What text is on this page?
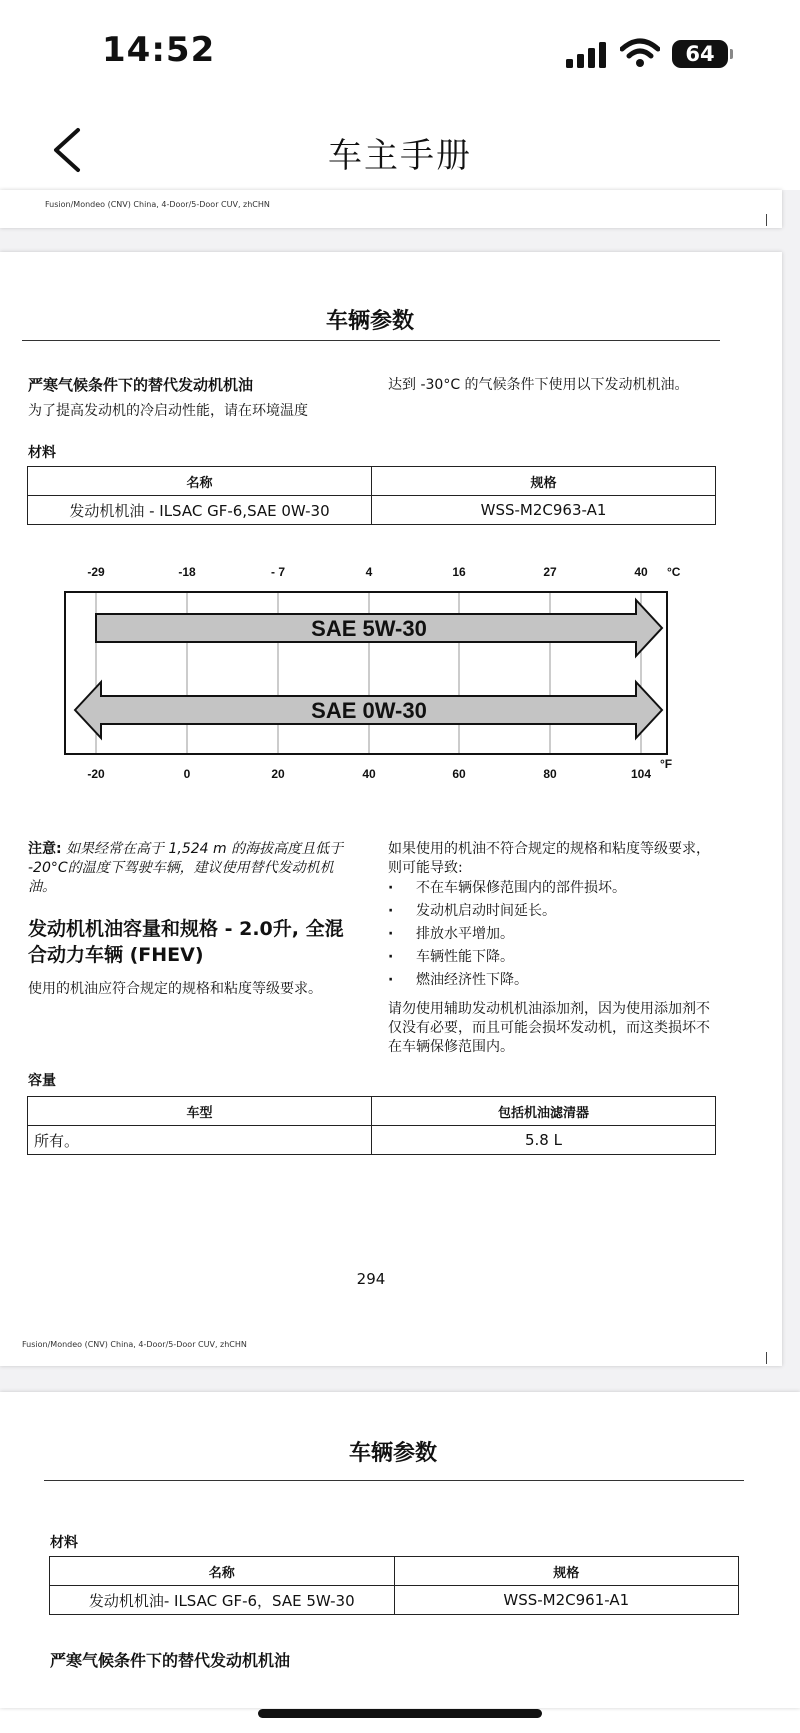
14:52	64
车主手册
Fusion/Mondeo (CNV) China, 4-Door/5-Door CUV, zhCHN
车辆参数
严寒气候条件下的替代发动机机油
为了提高发动机的冷启动性能，请在环境温度
达到 -30°C 的气候条件下使用以下发动机机油。
材料
名称	规格
发动机机油 - ILSAC GF-6,SAE 0W-30	WSS-M2C963-A1
-29	-18	- 7	4	16	27	40 °C
SAE 5W-30
SAE 0W-30
-20	0	20	40	60	80	104
°F
注意: 如果经常在高于 1,524 m 的海拔高度且低于 -20°C的温度下驾驶车辆，建议使用替代发动机机油。
发动机机油容量和规格 - 2.0升, 全混合动力车辆 (FHEV)
使用的机油应符合规定的规格和粘度等级要求。
如果使用的机油不符合规定的规格和粘度等级要求，则可能导致:
· 不在车辆保修范围内的部件损坏。
· 发动机启动时间延长。
· 排放水平增加。
· 车辆性能下降。
· 燃油经济性下降。
请勿使用辅助发动机机油添加剂，因为使用添加剂不仅没有必要，而且可能会损坏发动机，而这类损坏不在车辆保修范围内。
容量
车型	包括机油滤清器
所有。	5.8 L
294
Fusion/Mondeo (CNV) China, 4-Door/5-Door CUV, zhCHN
车辆参数
材料
名称	规格
发动机机油- ILSAC GF-6，SAE 5W-30	WSS-M2C961-A1
严寒气候条件下的替代发动机机油
